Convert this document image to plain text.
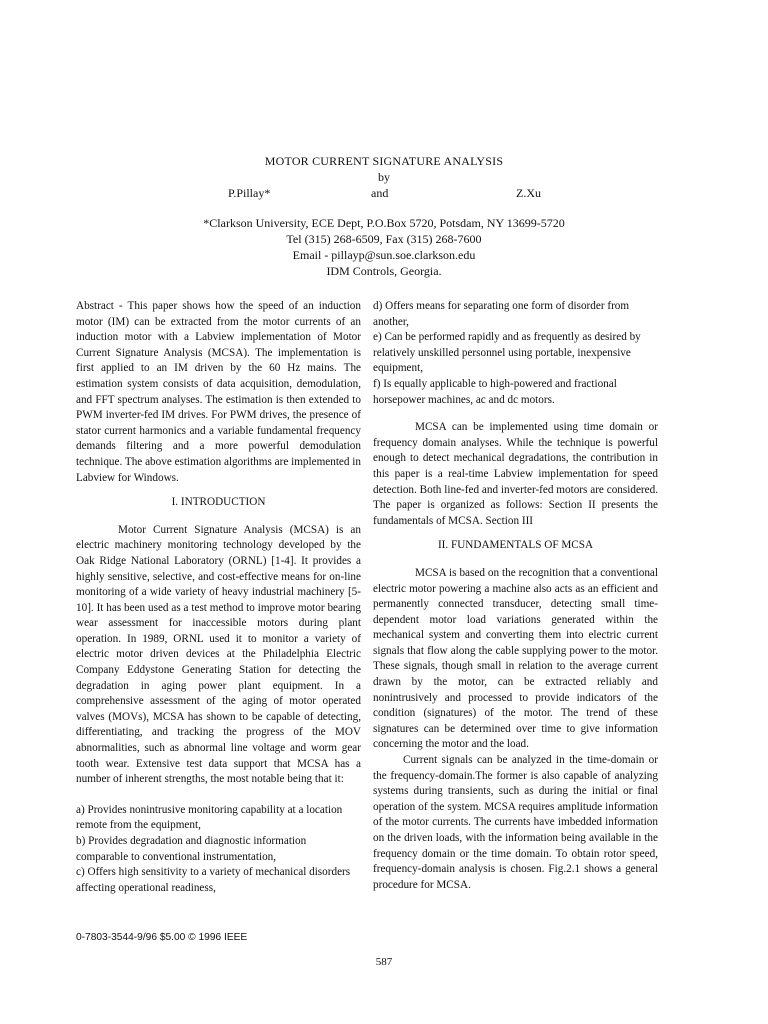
MOTOR CURRENT SIGNATURE ANALYSIS
by
P.Pillay*	and	Z.Xu
*Clarkson University, ECE Dept, P.O.Box 5720, Potsdam, NY 13699-5720
Tel (315) 268-6509, Fax (315) 268-7600
Email - pillayp@sun.soe.clarkson.edu
IDM Controls, Georgia.

Abstract - This paper shows how the speed of an induction motor (IM) can be extracted from the motor currents of an induction motor with a Labview implementation of Motor Current Signature Analysis (MCSA). The implementation is first applied to an IM driven by the 60 Hz mains. The estimation system consists of data acquisition, demodulation, and FFT spectrum analyses. The estimation is then extended to PWM inverter-fed IM drives. For PWM drives, the presence of stator current harmonics and a variable fundamental frequency demands filtering and a more powerful demodulation technique. The above estimation algorithms are implemented in Labview for Windows.

I. INTRODUCTION

Motor Current Signature Analysis (MCSA) is an electric machinery monitoring technology developed by the Oak Ridge National Laboratory (ORNL) [1-4]. It provides a highly sensitive, selective, and cost-effective means for on-line monitoring of a wide variety of heavy industrial machinery [5-10]. It has been used as a test method to improve motor bearing wear assessment for inaccessible motors during plant operation. In 1989, ORNL used it to monitor a variety of electric motor driven devices at the Philadelphia Electric Company Eddystone Generating Station for detecting the degradation in aging power plant equipment. In a comprehensive assessment of the aging of motor operated valves (MOVs), MCSA has shown to be capable of detecting, differentiating, and tracking the progress of the MOV abnormalities, such as abnormal line voltage and worm gear tooth wear. Extensive test data support that MCSA has a number of inherent strengths, the most notable being that it:

a) Provides nonintrusive monitoring capability at a location remote from the equipment,

b) Provides degradation and diagnostic information comparable to conventional instrumentation,

c) Offers high sensitivity to a variety of mechanical disorders affecting operational readiness,

d) Offers means for separating one form of disorder from another,

e) Can be performed rapidly and as frequently as desired by relatively unskilled personnel using portable, inexpensive equipment,

f) Is equally applicable to high-powered and fractional horsepower machines, ac and dc motors.

MCSA can be implemented using time domain or frequency domain analyses. While the technique is powerful enough to detect mechanical degradations, the contribution in this paper is a real-time Labview implementation for speed detection. Both line-fed and inverter-fed motors are considered. The paper is organized as follows: Section II presents the fundamentals of MCSA. Section III

II. FUNDAMENTALS OF MCSA

MCSA is based on the recognition that a conventional electric motor powering a machine also acts as an efficient and permanently connected transducer, detecting small time-dependent motor load variations generated within the mechanical system and converting them into electric current signals that flow along the cable supplying power to the motor. These signals, though small in relation to the average current drawn by the motor, can be extracted reliably and nonintrusively and processed to provide indicators of the condition (signatures) of the motor. The trend of these signatures can be determined over time to give information concerning the motor and the load.

Current signals can be analyzed in the time-domain or the frequency-domain.The former is also capable of analyzing systems during transients, such as during the initial or final operation of the system. MCSA requires amplitude information of the motor currents. The currents have imbedded information on the driven loads, with the information being available in the frequency domain or the time domain. To obtain rotor speed, frequency-domain analysis is chosen. Fig.2.1 shows a general procedure for MCSA.

0-7803-3544-9/96 $5.00 © 1996 IEEE
587
